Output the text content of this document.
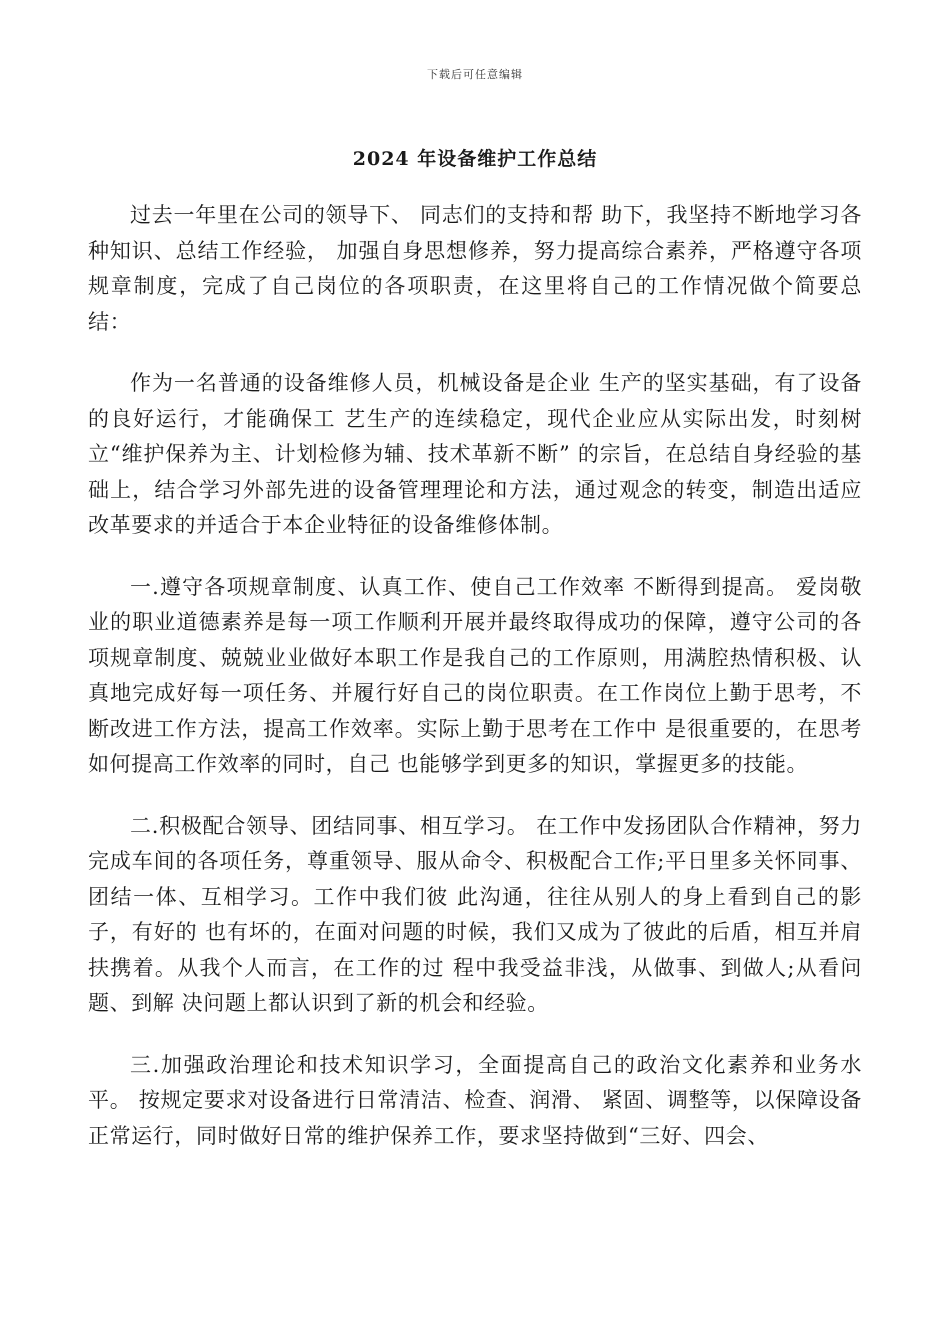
下载后可任意编辑
2024 年设备维护工作总结

过去一年里在公司的领导下、 同志们的支持和帮 助下，我坚持不断地学习各种知识、总结工作经验， 加强自身思想修养，努力提高综合素养，严格遵守各项规章制度，完成了自己岗位的各项职责，在这里将自己的工作情况做个简要总结：

作为一名普通的设备维修人员，机械设备是企业 生产的坚实基础，有了设备的良好运行，才能确保工 艺生产的连续稳定，现代企业应从实际出发，时刻树立“维护保养为主、计划检修为辅、技术革新不断” 的宗旨，在总结自身经验的基础上，结合学习外部先进的设备管理理论和方法，通过观念的转变，制造出适应改革要求的并适合于本企业特征的设备维修体制。

一.遵守各项规章制度、认真工作、使自己工作效率 不断得到提高。 爱岗敬业的职业道德素养是每一项工作顺利开展并最终取得成功的保障，遵守公司的各项规章制度、兢兢业业做好本职工作是我自己的工作原则，用满腔热情积极、认真地完成好每一项任务、并履行好自己的岗位职责。在工作岗位上勤于思考，不断改进工作方法，提高工作效率。实际上勤于思考在工作中 是很重要的，在思考如何提高工作效率的同时，自己 也能够学到更多的知识，掌握更多的技能。

二.积极配合领导、团结同事、相互学习。 在工作中发扬团队合作精神，努力完成车间的各项任务，尊重领导、服从命令、积极配合工作;平日里多关怀同事、团结一体、互相学习。工作中我们彼 此沟通，往往从别人的身上看到自己的影子，有好的 也有坏的，在面对问题的时候，我们又成为了彼此的后盾，相互并肩扶携着。从我个人而言，在工作的过 程中我受益非浅，从做事、到做人;从看问题、到解 决问题上都认识到了新的机会和经验。

三.加强政治理论和技术知识学习，全面提高自己的政治文化素养和业务水平。 按规定要求对设备进行日常清洁、检查、润滑、 紧固、调整等，以保障设备正常运行，同时做好日常的维护保养工作，要求坚持做到“三好、四会、
